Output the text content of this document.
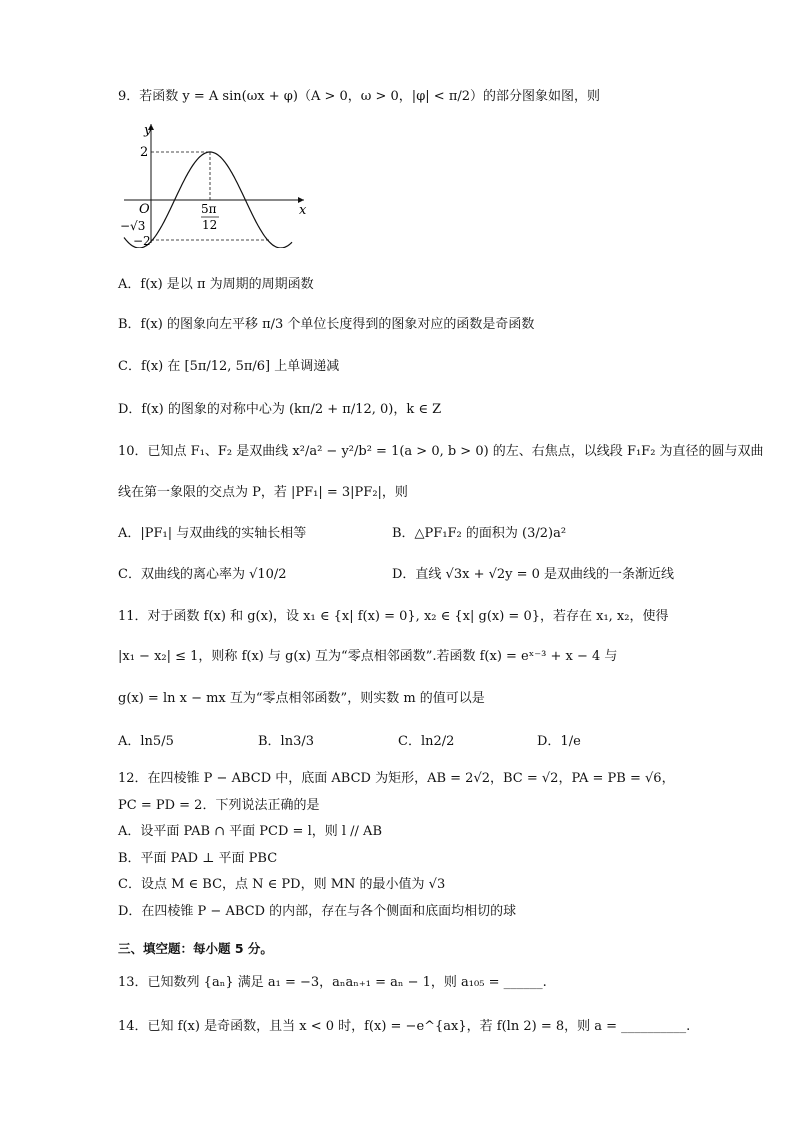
9．若函数 y = A sin(ωx + φ)（A > 0，ω > 0，|φ| < π/2）的部分图象如图，则
y
x
O
2
−√3
−2
5π
12
A．f(x) 是以 π 为周期的周期函数
B．f(x) 的图象向左平移 π/3 个单位长度得到的图象对应的函数是奇函数
C．f(x) 在 [5π/12, 5π/6] 上单调递减
D．f(x) 的图象的对称中心为 (kπ/2 + π/12, 0)，k ∈ Z
10．已知点 F₁、F₂ 是双曲线 x²/a² − y²/b² = 1(a > 0, b > 0) 的左、右焦点，以线段 F₁F₂ 为直径的圆与双曲
线在第一象限的交点为 P，若 |PF₁| = 3|PF₂|，则
A．|PF₁| 与双曲线的实轴长相等	B．△PF₁F₂ 的面积为 (3/2)a²
C．双曲线的离心率为 √10/2	D．直线 √3x + √2y = 0 是双曲线的一条渐近线
11．对于函数 f(x) 和 g(x)，设 x₁ ∈ {x| f(x) = 0}, x₂ ∈ {x| g(x) = 0}，若存在 x₁, x₂，使得
|x₁ − x₂| ≤ 1，则称 f(x) 与 g(x) 互为“零点相邻函数”.若函数 f(x) = eˣ⁻³ + x − 4 与
g(x) = ln x − mx 互为“零点相邻函数”，则实数 m 的值可以是
A．ln5/5	B．ln3/3	C．ln2/2	D．1/e
12．在四棱锥 P − ABCD 中，底面 ABCD 为矩形，AB = 2√2，BC = √2，PA = PB = √6，
PC = PD = 2．下列说法正确的是
A．设平面 PAB ∩ 平面 PCD = l，则 l // AB
B．平面 PAD ⊥ 平面 PBC
C．设点 M ∈ BC，点 N ∈ PD，则 MN 的最小值为 √3
D．在四棱锥 P − ABCD 的内部，存在与各个侧面和底面均相切的球
三、填空题：每小题 5 分。
13．已知数列 {aₙ} 满足 a₁ = −3，aₙaₙ₊₁ = aₙ − 1，则 a₁₀₅ = ______.
14．已知 f(x) 是奇函数，且当 x < 0 时，f(x) = −e^{ax}，若 f(ln 2) = 8，则 a = __________.
